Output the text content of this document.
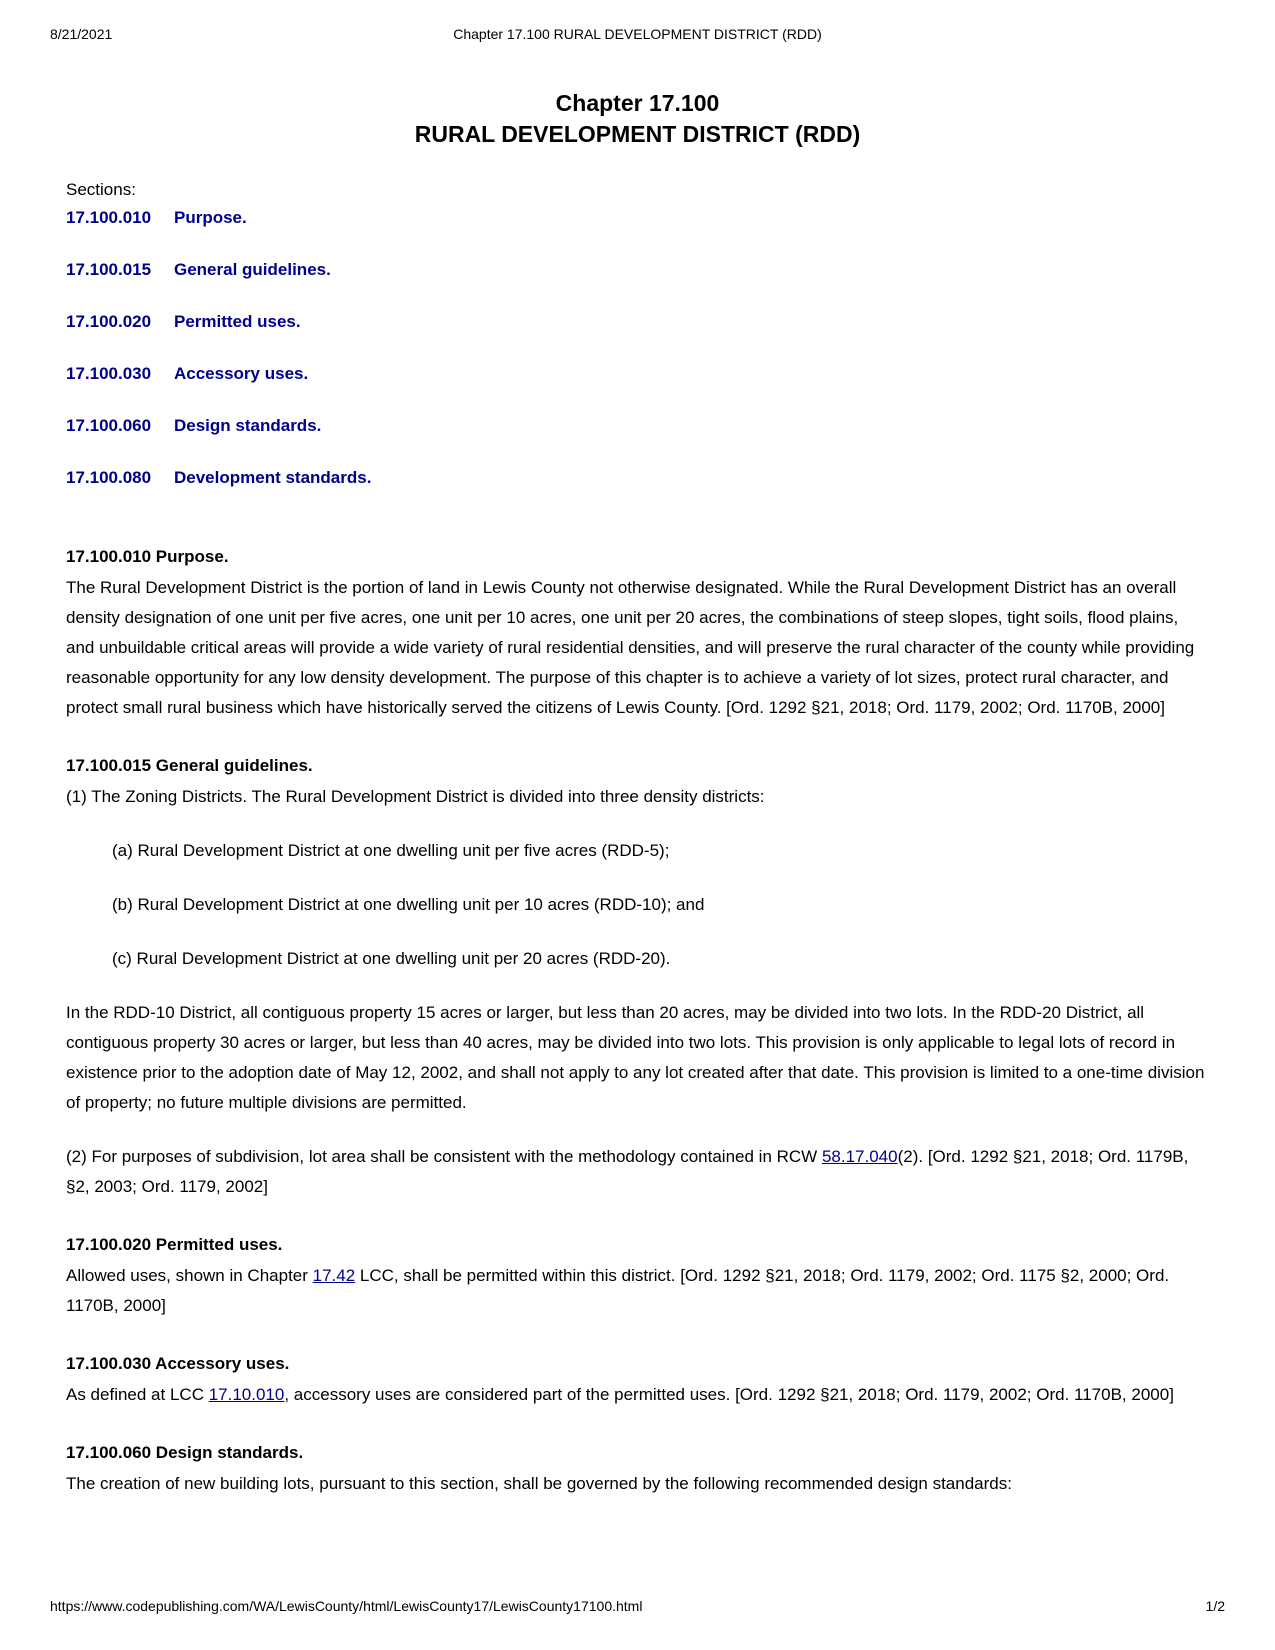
8/21/2021	Chapter 17.100 RURAL DEVELOPMENT DISTRICT (RDD)
Chapter 17.100
RURAL DEVELOPMENT DISTRICT (RDD)

Sections:

17.100.010	Purpose.
17.100.015	General guidelines.
17.100.020	Permitted uses.
17.100.030	Accessory uses.
17.100.060	Design standards.
17.100.080	Development standards.
17.100.010 Purpose.

The Rural Development District is the portion of land in Lewis County not otherwise designated. While the Rural Development District has an overall density designation of one unit per five acres, one unit per 10 acres, one unit per 20 acres, the combinations of steep slopes, tight soils, flood plains, and unbuildable critical areas will provide a wide variety of rural residential densities, and will preserve the rural character of the county while providing reasonable opportunity for any low density development. The purpose of this chapter is to achieve a variety of lot sizes, protect rural character, and protect small rural business which have historically served the citizens of Lewis County. [Ord. 1292 §21, 2018; Ord. 1179, 2002; Ord. 1170B, 2000]

17.100.015 General guidelines.

(1) The Zoning Districts. The Rural Development District is divided into three density districts:

(a) Rural Development District at one dwelling unit per five acres (RDD-5);

(b) Rural Development District at one dwelling unit per 10 acres (RDD-10); and

(c) Rural Development District at one dwelling unit per 20 acres (RDD-20).

In the RDD-10 District, all contiguous property 15 acres or larger, but less than 20 acres, may be divided into two lots. In the RDD-20 District, all contiguous property 30 acres or larger, but less than 40 acres, may be divided into two lots. This provision is only applicable to legal lots of record in existence prior to the adoption date of May 12, 2002, and shall not apply to any lot created after that date. This provision is limited to a one-time division of property; no future multiple divisions are permitted.

(2) For purposes of subdivision, lot area shall be consistent with the methodology contained in RCW 58.17.040(2). [Ord. 1292 §21, 2018; Ord. 1179B, §2, 2003; Ord. 1179, 2002]

17.100.020 Permitted uses.

Allowed uses, shown in Chapter 17.42 LCC, shall be permitted within this district. [Ord. 1292 §21, 2018; Ord. 1179, 2002; Ord. 1175 §2, 2000; Ord. 1170B, 2000]

17.100.030 Accessory uses.

As defined at LCC 17.10.010, accessory uses are considered part of the permitted uses. [Ord. 1292 §21, 2018; Ord. 1179, 2002; Ord. 1170B, 2000]

17.100.060 Design standards.

The creation of new building lots, pursuant to this section, shall be governed by the following recommended design standards:

https://www.codepublishing.com/WA/LewisCounty/html/LewisCounty17/LewisCounty17100.html	1/2
